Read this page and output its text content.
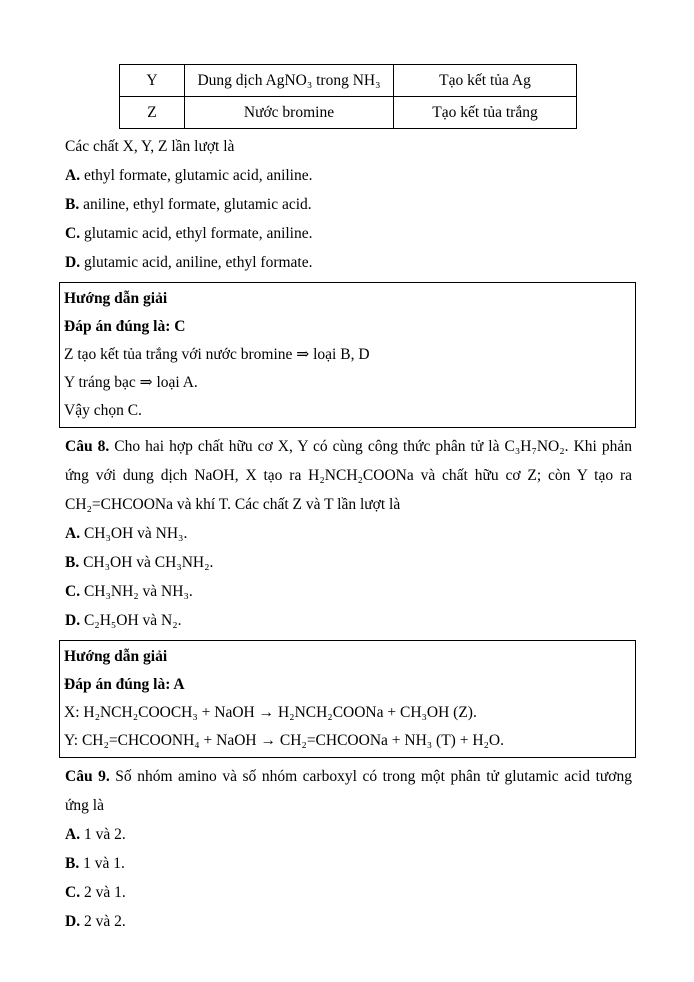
Y	Dung dịch AgNO₃ trong NH₃	Tạo kết tủa Ag
Z	Nước bromine	Tạo kết tủa trắng

Các chất X, Y, Z lần lượt là

A. ethyl formate, glutamic acid, aniline.

B. aniline, ethyl formate, glutamic acid.

C. glutamic acid, ethyl formate, aniline.

D. glutamic acid, aniline, ethyl formate.

Hướng dẫn giải

Đáp án đúng là: C

Z tạo kết tủa trắng với nước bromine ⇒ loại B, D

Y tráng bạc ⇒ loại A.

Vậy chọn C.

Câu 8. Cho hai hợp chất hữu cơ X, Y có cùng công thức phân tử là C₃H₇NO₂. Khi phản ứng với dung dịch NaOH, X tạo ra H₂NCH₂COONa và chất hữu cơ Z; còn Y tạo ra CH₂=CHCOONa và khí T. Các chất Z và T lần lượt là

A. CH₃OH và NH₃.

B. CH₃OH và CH₃NH₂.

C. CH₃NH₂ và NH₃.

D. C₂H₅OH và N₂.

Hướng dẫn giải

Đáp án đúng là: A

X: H₂NCH₂COOCH₃ + NaOH → H₂NCH₂COONa + CH₃OH (Z).

Y: CH₂=CHCOONH₄ + NaOH → CH₂=CHCOONa + NH₃ (T) + H₂O.

Câu 9. Số nhóm amino và số nhóm carboxyl có trong một phân tử glutamic acid tương ứng là

A. 1 và 2.

B. 1 và 1.

C. 2 và 1.

D. 2 và 2.
